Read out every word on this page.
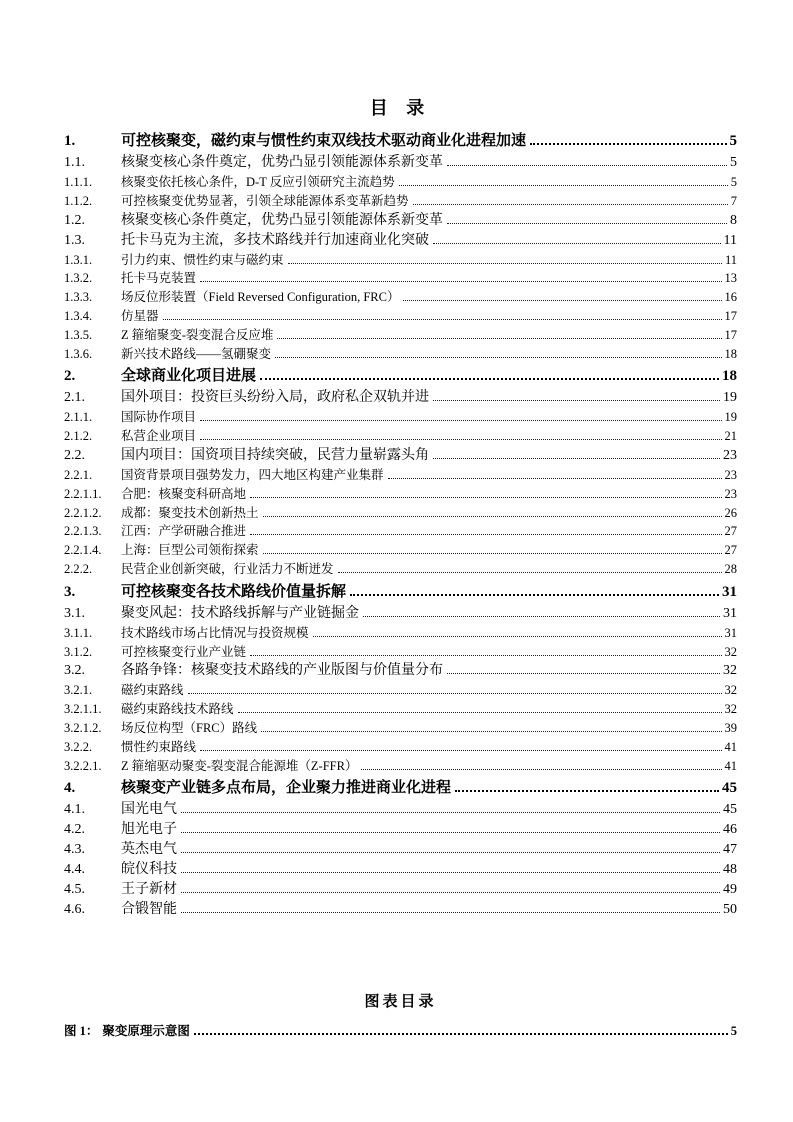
目 录
1.	可控核聚变，磁约束与惯性约束双线技术驱动商业化进程加速	5
1.1.	核聚变核心条件奠定，优势凸显引领能源体系新变革	5
1.1.1.	核聚变依托核心条件，D-T 反应引领研究主流趋势	5
1.1.2.	可控核聚变优势显著，引领全球能源体系变革新趋势	7
1.2.	核聚变核心条件奠定，优势凸显引领能源体系新变革	8
1.3.	托卡马克为主流，多技术路线并行加速商业化突破	11
1.3.1.	引力约束、惯性约束与磁约束	11
1.3.2.	托卡马克装置	13
1.3.3.	场反位形装置（Field Reversed Configuration, FRC）	16
1.3.4.	仿星器	17
1.3.5.	Z 箍缩聚变-裂变混合反应堆	17
1.3.6.	新兴技术路线——氢硼聚变	18
2.	全球商业化项目进展	18
2.1.	国外项目：投资巨头纷纷入局，政府私企双轨并进	19
2.1.1.	国际协作项目	19
2.1.2.	私营企业项目	21
2.2.	国内项目：国资项目持续突破，民营力量崭露头角	23
2.2.1.	国资背景项目强势发力，四大地区构建产业集群	23
2.2.1.1.	合肥：核聚变科研高地	23
2.2.1.2.	成都：聚变技术创新热土	26
2.2.1.3.	江西：产学研融合推进	27
2.2.1.4.	上海：巨型公司领衔探索	27
2.2.2.	民营企业创新突破，行业活力不断迸发	28
3.	可控核聚变各技术路线价值量拆解	31
3.1.	聚变风起：技术路线拆解与产业链掘金	31
3.1.1.	技术路线市场占比情况与投资规模	31
3.1.2.	可控核聚变行业产业链	32
3.2.	各路争锋：核聚变技术路线的产业版图与价值量分布	32
3.2.1.	磁约束路线	32
3.2.1.1.	磁约束路线技术路线	32
3.2.1.2.	场反位构型（FRC）路线	39
3.2.2.	惯性约束路线	41
3.2.2.1.	Z 箍缩驱动聚变-裂变混合能源堆（Z-FFR）	41
4.	核聚变产业链多点布局，企业聚力推进商业化进程	45
4.1.	国光电气	45
4.2.	旭光电子	46
4.3.	英杰电气	47
4.4.	皖仪科技	48
4.5.	王子新材	49
4.6.	合锻智能	50
图表目录
图 1： 聚变原理示意图	5
